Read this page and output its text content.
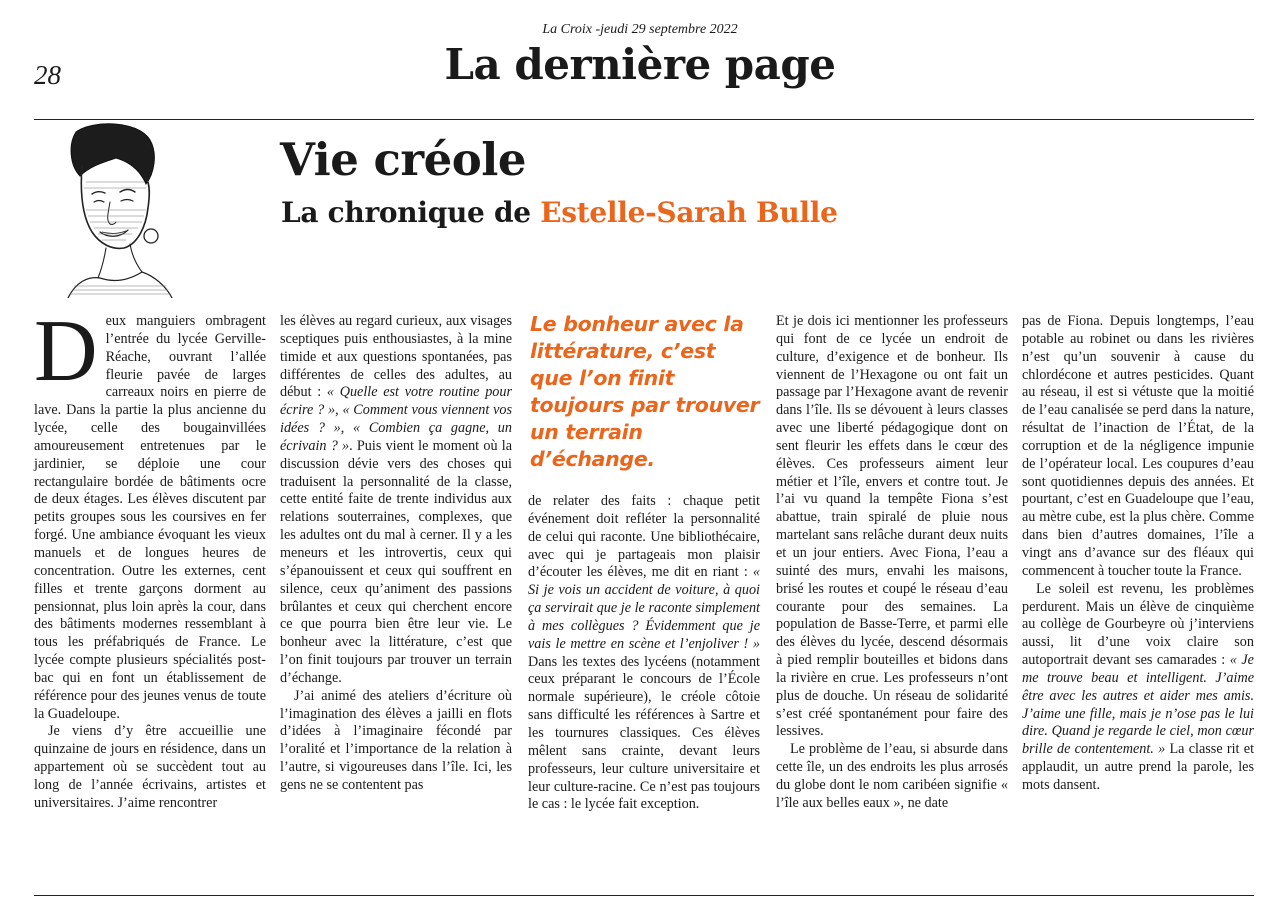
La Croix -jeudi 29 septembre 2022
28	La dernière page
Vie créole
La chronique de Estelle-Sarah Bulle

Deux manguiers ombragent l’entrée du lycée Gerville-Réache, ouvrant l’allée fleurie pavée de larges carreaux noirs en pierre de lave. Dans la partie la plus ancienne du lycée, celle des bougainvillées amoureusement entretenues par le jardinier, se déploie une cour rectangulaire bordée de bâtiments ocre de deux étages. Les élèves discutent par petits groupes sous les coursives en fer forgé. Une ambiance évoquant les vieux manuels et de longues heures de concentration. Outre les externes, cent filles et trente garçons dorment au pensionnat, plus loin après la cour, dans des bâtiments modernes ressemblant à tous les préfabriqués de France. Le lycée compte plusieurs spécialités post-bac qui en font un établissement de référence pour des jeunes venus de toute la Guadeloupe.

Je viens d’y être accueillie une quinzaine de jours en résidence, dans un appartement où se succèdent tout au long de l’année écrivains, artistes et universitaires. J’aime rencontrer

les élèves au regard curieux, aux visages sceptiques puis enthousiastes, à la mine timide et aux questions spontanées, pas différentes de celles des adultes, au début : « Quelle est votre routine pour écrire ? », « Comment vous viennent vos idées ? », « Combien ça gagne, un écrivain ? ». Puis vient le moment où la discussion dévie vers des choses qui traduisent la personnalité de la classe, cette entité faite de trente individus aux relations souterraines, complexes, que les adultes ont du mal à cerner. Il y a les meneurs et les introvertis, ceux qui s’épanouissent et ceux qui souffrent en silence, ceux qu’animent des passions brûlantes et ceux qui cherchent encore ce que pourra bien être leur vie. Le bonheur avec la littérature, c’est que l’on finit toujours par trouver un terrain d’échange.

J’ai animé des ateliers d’écriture où l’imagination des élèves a jailli en flots d’idées à l’imaginaire fécondé par l’oralité et l’importance de la relation à l’autre, si vigoureuses dans l’île. Ici, les gens ne se contentent pas

Le bonheur avec la littérature, c’est que l’on finit toujours par trouver un terrain d’échange.

de relater des faits : chaque petit événement doit refléter la personnalité de celui qui raconte. Une bibliothécaire, avec qui je partageais mon plaisir d’écouter les élèves, me dit en riant : « Si je vois un accident de voiture, à quoi ça servirait que je le raconte simplement à mes collègues ? Évidemment que je vais le mettre en scène et l’enjoliver ! » Dans les textes des lycéens (notamment ceux préparant le concours de l’École normale supérieure), le créole côtoie sans difficulté les références à Sartre et les tournures classiques. Ces élèves mêlent sans crainte, devant leurs professeurs, leur culture universitaire et leur culture-racine. Ce n’est pas toujours le cas : le lycée fait exception.

Et je dois ici mentionner les professeurs qui font de ce lycée un endroit de culture, d’exigence et de bonheur. Ils viennent de l’Hexagone ou ont fait un passage par l’Hexagone avant de revenir dans l’île. Ils se dévouent à leurs classes avec une liberté pédagogique dont on sent fleurir les effets dans le cœur des élèves. Ces professeurs aiment leur métier et l’île, envers et contre tout. Je l’ai vu quand la tempête Fiona s’est abattue, train spiralé de pluie nous martelant sans relâche durant deux nuits et un jour entiers. Avec Fiona, l’eau a suinté des murs, envahi les maisons, brisé les routes et coupé le réseau d’eau courante pour des semaines. La population de Basse-Terre, et parmi elle des élèves du lycée, descend désormais à pied remplir bouteilles et bidons dans la rivière en crue. Les professeurs n’ont plus de douche. Un réseau de solidarité s’est créé spontanément pour faire des lessives.

Le problème de l’eau, si absurde dans cette île, un des endroits les plus arrosés du globe dont le nom caribéen signifie « l’île aux belles eaux », ne date

pas de Fiona. Depuis longtemps, l’eau potable au robinet ou dans les rivières n’est qu’un souvenir à cause du chlordécone et autres pesticides. Quant au réseau, il est si vétuste que la moitié de l’eau canalisée se perd dans la nature, résultat de l’inaction de l’État, de la corruption et de la négligence impunie de l’opérateur local. Les coupures d’eau sont quotidiennes depuis des années. Et pourtant, c’est en Guadeloupe que l’eau, au mètre cube, est la plus chère. Comme dans bien d’autres domaines, l’île a vingt ans d’avance sur des fléaux qui commencent à toucher toute la France.

Le soleil est revenu, les problèmes perdurent. Mais un élève de cinquième au collège de Gourbeyre où j’interviens aussi, lit d’une voix claire son autoportrait devant ses camarades : « Je me trouve beau et intelligent. J’aime être avec les autres et aider mes amis. J’aime une fille, mais je n’ose pas le lui dire. Quand je regarde le ciel, mon cœur brille de contentement. » La classe rit et applaudit, un autre prend la parole, les mots dansent.
